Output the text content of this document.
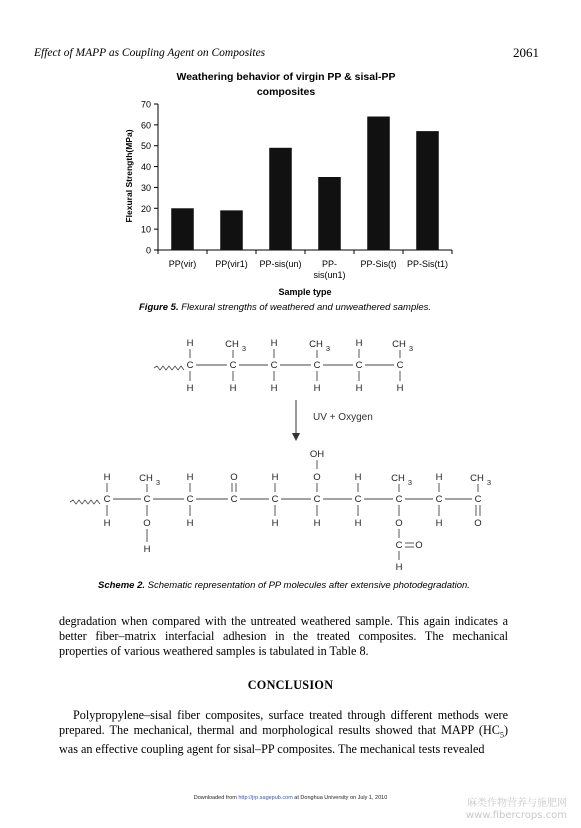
Effect of MAPP as Coupling Agent on Composites	2061
Weathering behavior of virgin PP & sisal-PP
composites
Flexural Strength(MPa)
0
10
20
30
40
50
60
70
PP(vir) PP(vir1) PP-sis(un) PP-
sis(un1)
PP-Sis(t) PP-Sis(t1)
Sample type
Figure 5. Flexural strengths of weathered and unweathered samples.
C
H
H
C
CH 3
H
C
H
H
C
CH 3
H
C
H
H
C
CH 3
H
UV + Oxygen
OH
C	C	C	C	C	C	C	C	C	C
H	CH 3	H	O	H	O	H	CH 3 H	CH 3
H	O	H	H	H	H	O	H	O
H	C O
H
Scheme 2. Schematic representation of PP molecules after extensive photodegradation.
degradation when compared with the untreated weathered sample. This again indicates a better fiber–matrix interfacial adhesion in the treated composites. The mechanical properties of various weathered samples is tabulated in Table 8.
CONCLUSION
Polypropylene–sisal fiber composites, surface treated through different methods were prepared. The mechanical, thermal and morphological results showed that MAPP $(HC_5)$ was an effective coupling agent for sisal–PP composites. The mechanical tests revealed
Downloaded from http://jrp.sagepub.com at Donghua University on July 1, 2010	麻类作物营养与施肥网
www.fibercrops.com
